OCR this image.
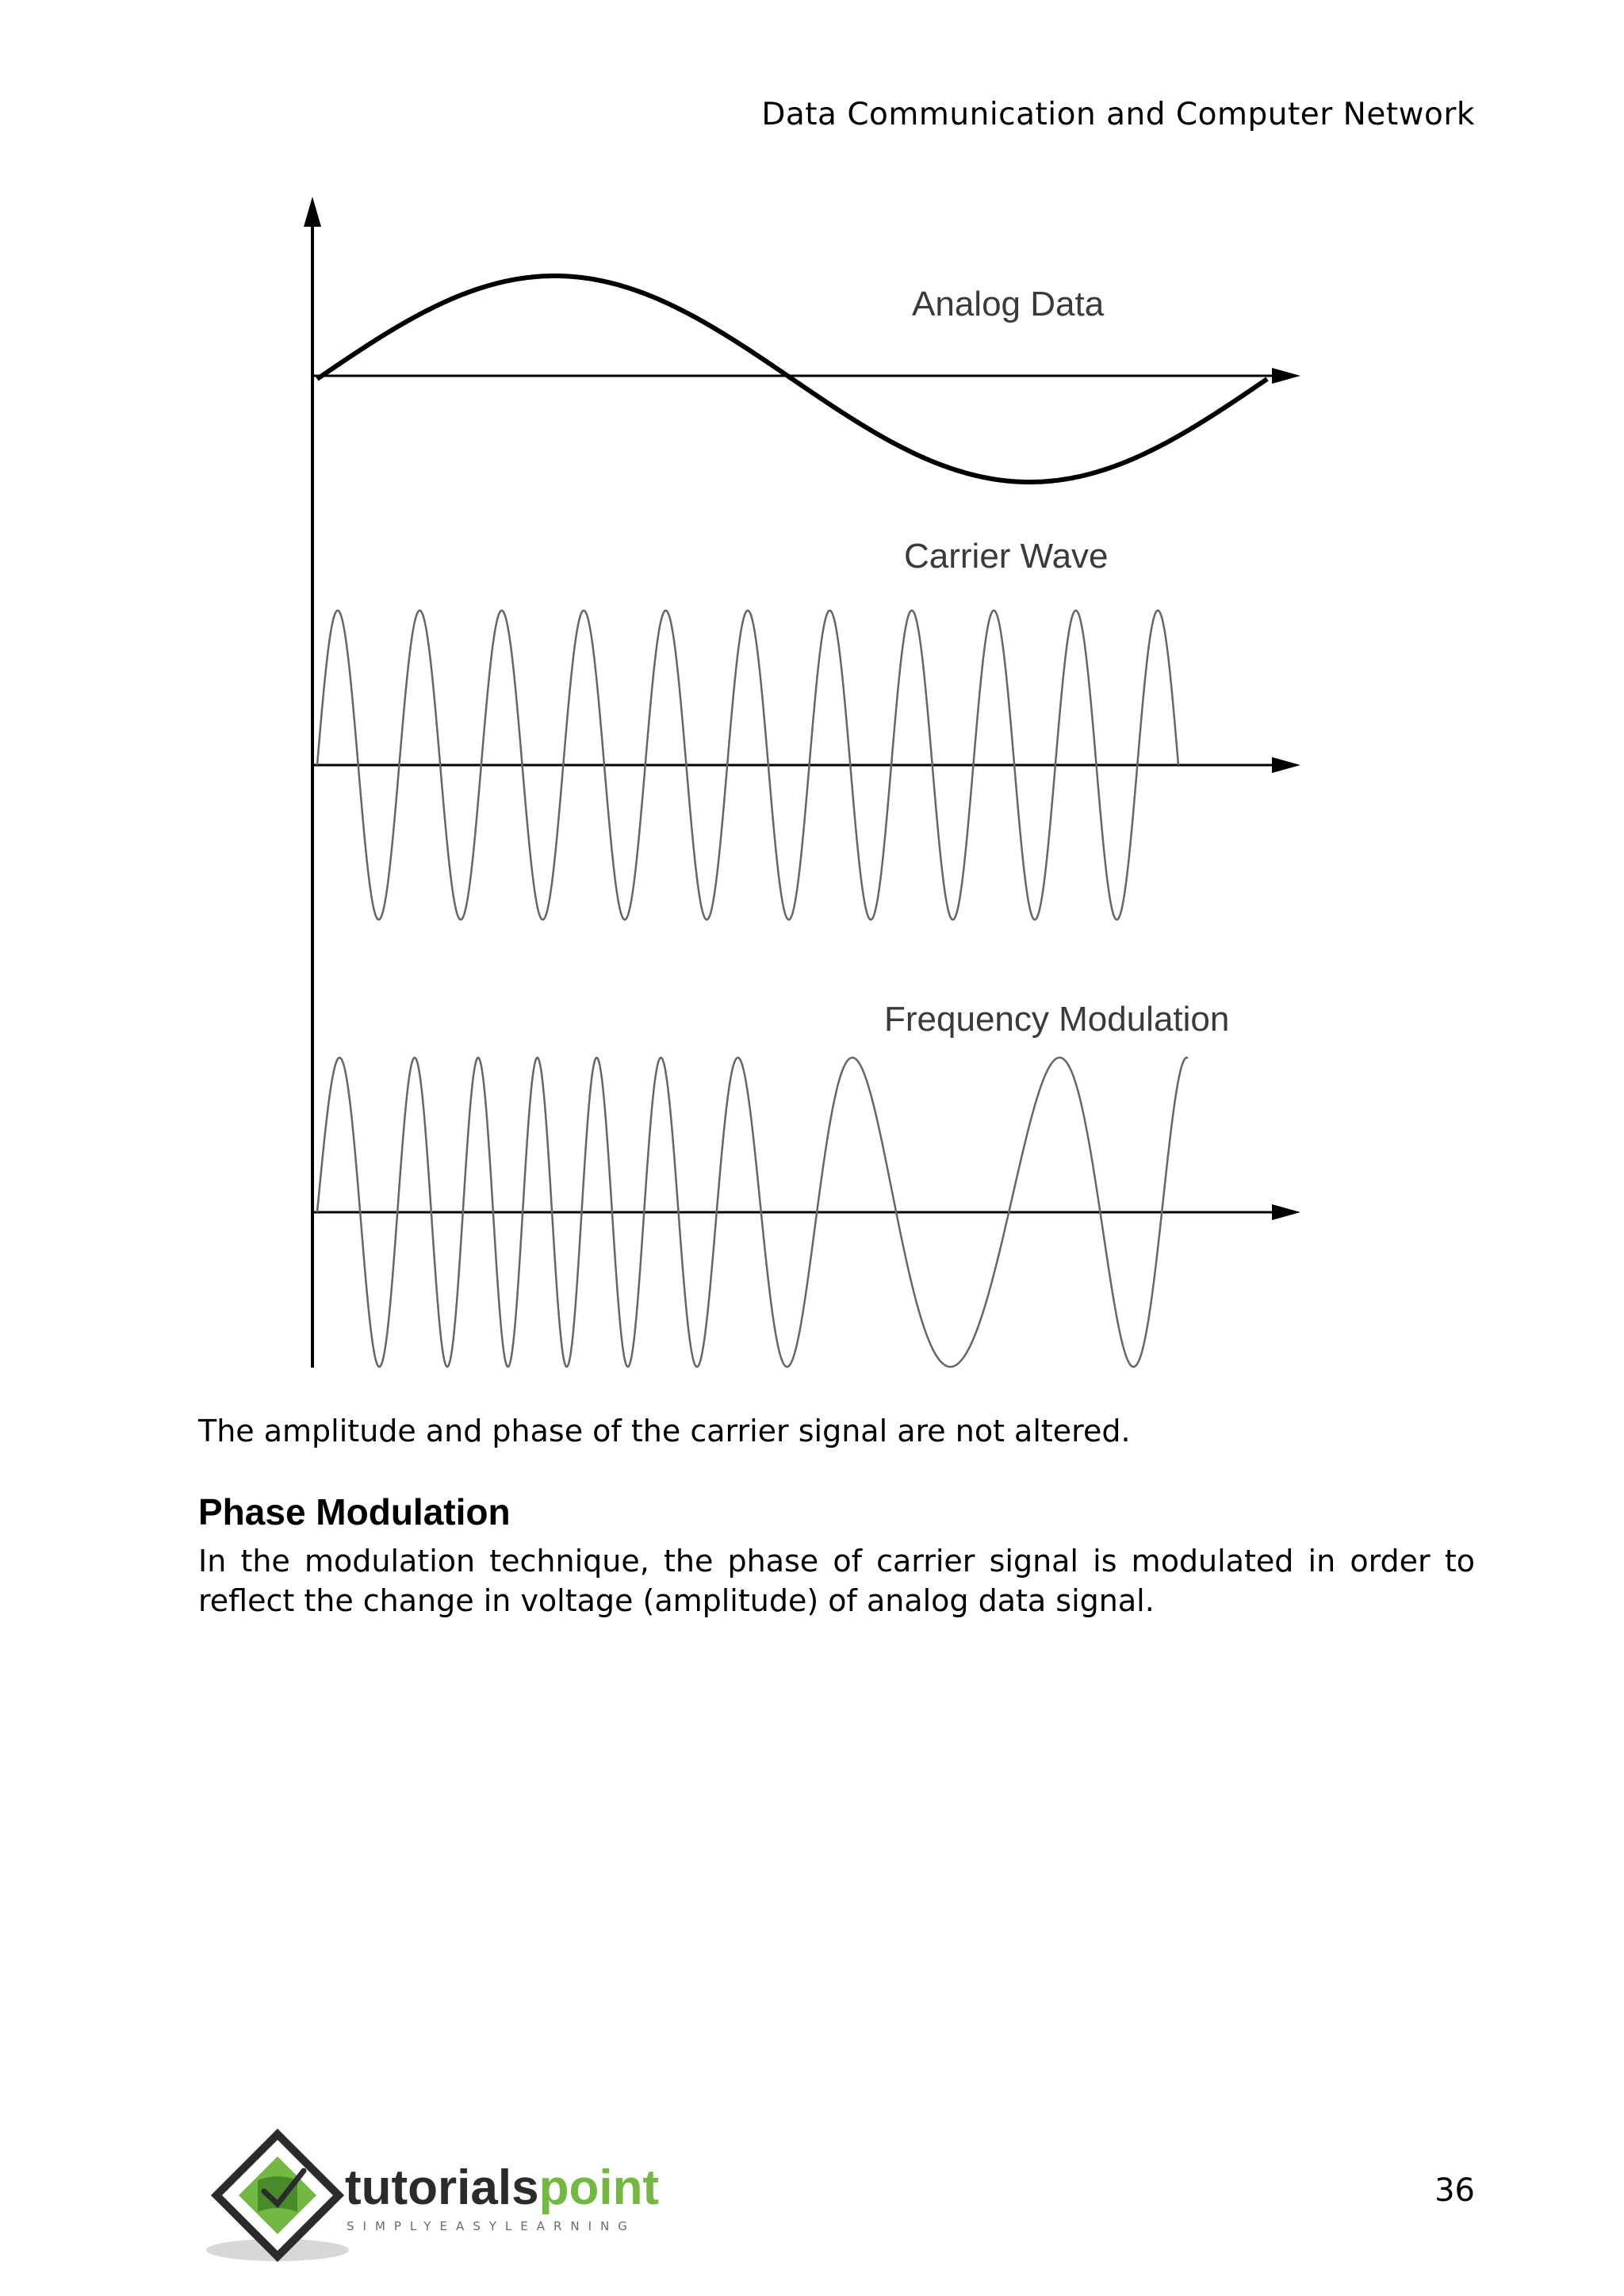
Data Communication and Computer Network
Analog Data
Carrier Wave
Frequency Modulation
The amplitude and phase of the carrier signal are not altered.
Phase Modulation
In the modulation technique, the phase of carrier signal is modulated in order to reflect the change in voltage (amplitude) of analog data signal.
tutorialspoint
SIMPLYEASYLEARNING
36
